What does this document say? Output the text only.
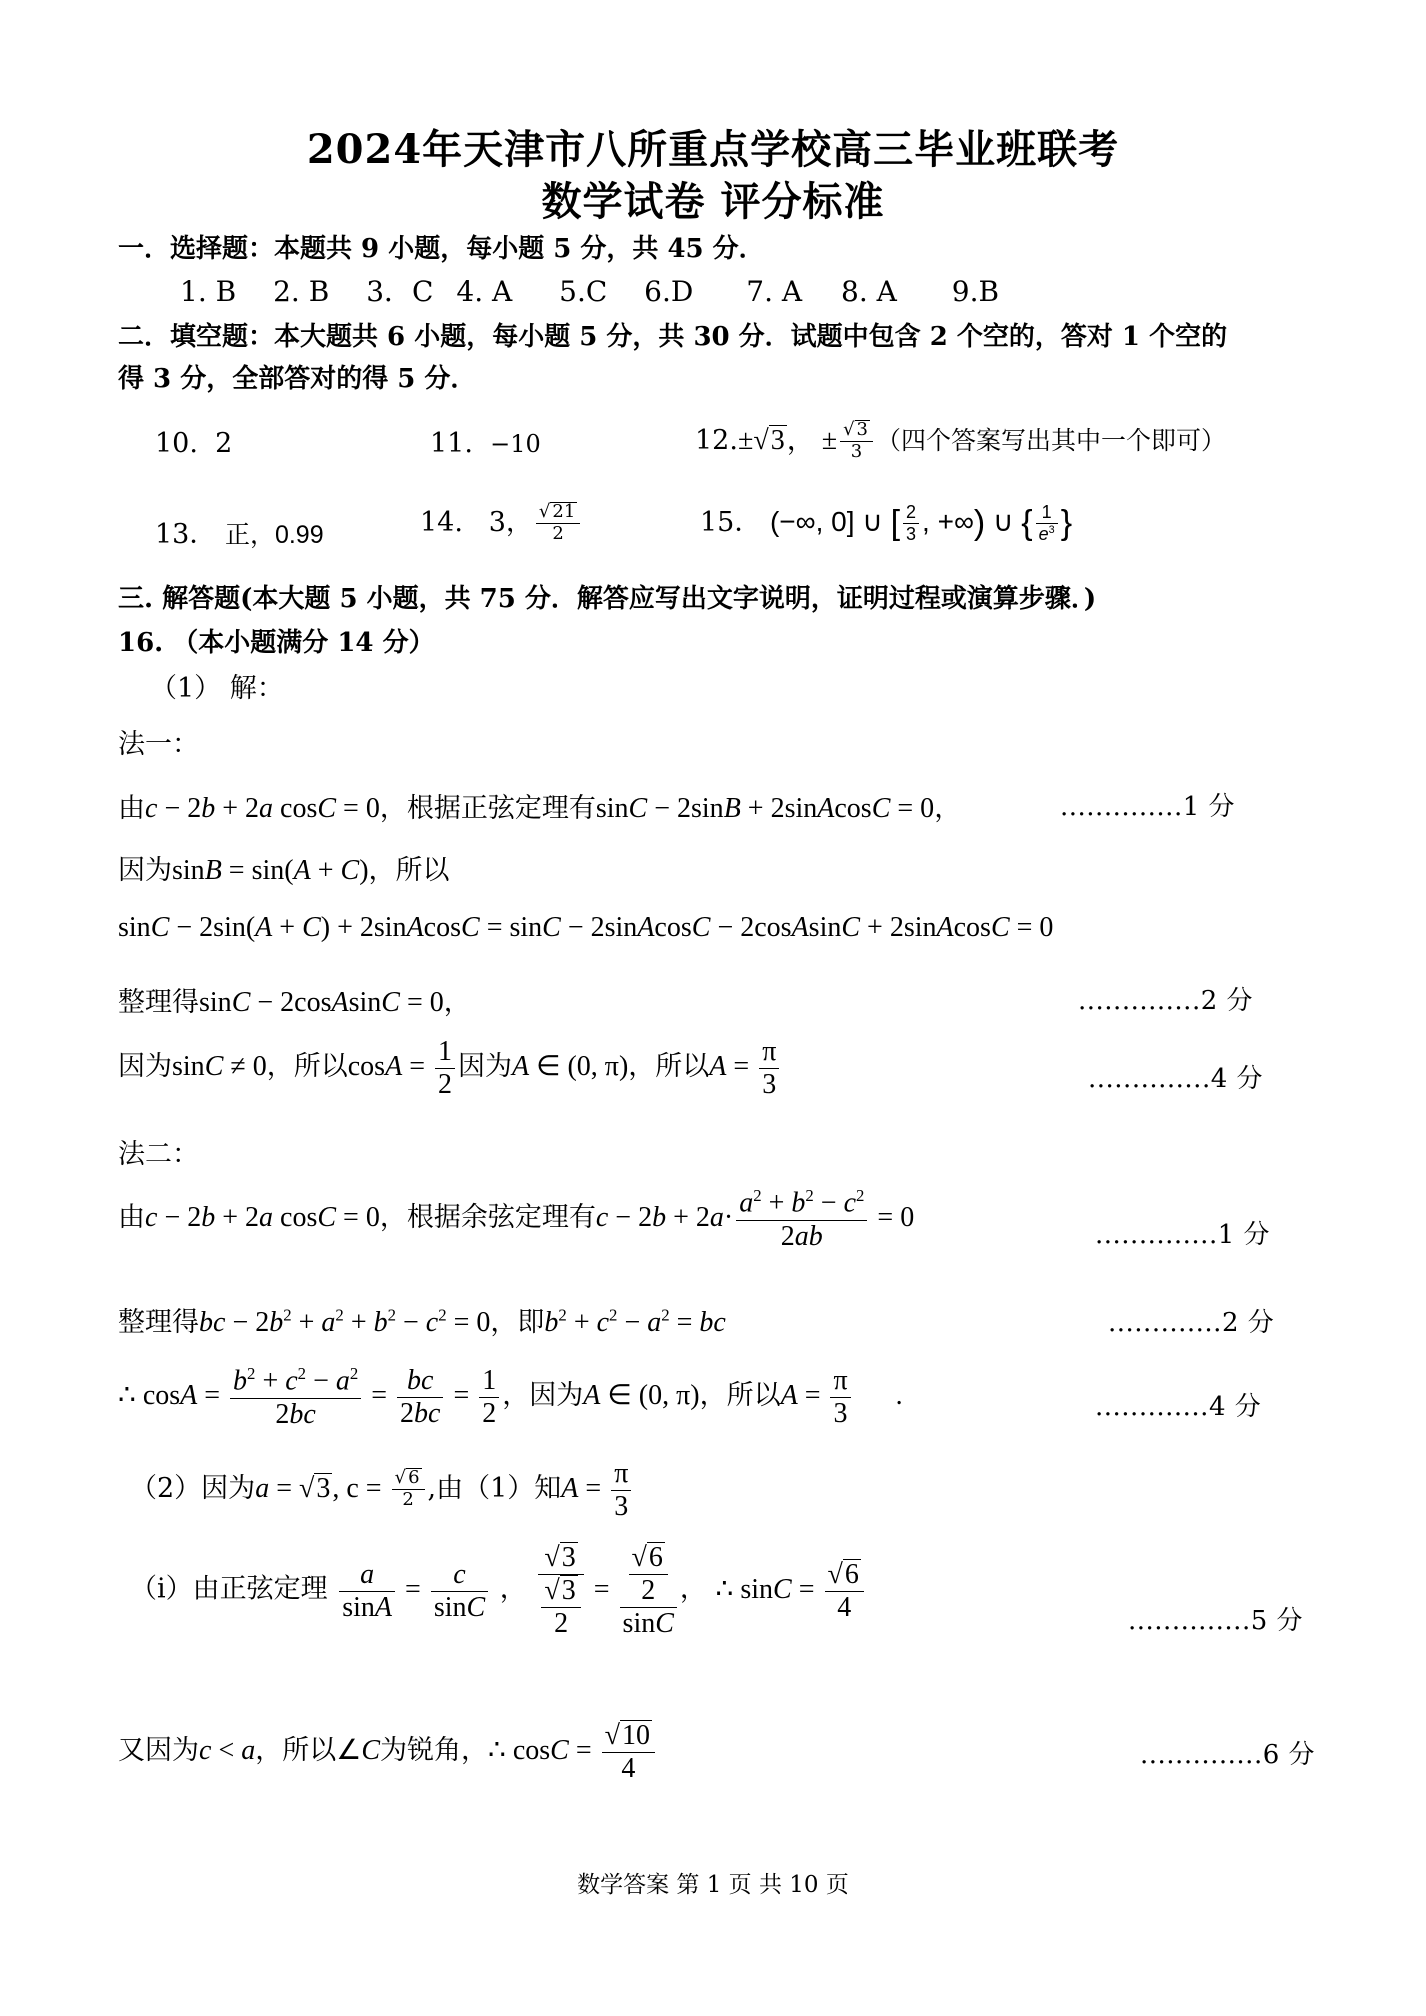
2024年天津市八所重点学校高三毕业班联考
数学试卷 评分标准
一．选择题：本题共 9 小题，每小题 5 分，共 45 分．
1. B 2. B 3．C 4. A 5.C 6.D 7. A 8. A 9.B
二．填空题：本大题共 6 小题，每小题 5 分，共 30 分．试题中包含 2 个空的，答对 1 个空的
得 3 分，全部答对的得 5 分．
10. 2	11. −10	12.±√3， ± $\frac{√ 3}{3}$ （四个答案写出其中一个即可）
13． 正，0.99	14. 3， $\frac{√ 21}{2}$	15． (−∞, 0] ∪ [ $\frac{2}{3}$ , +∞) ∪ { $\frac{1}{e^3}$ }
三. 解答题(本大题 5 小题，共 75 分．解答应写出文字说明，证明过程或演算步骤．)
16. （本小题满分 14 分）
（1） 解：
法一：
由c − 2b + 2a cosC = 0，根据正弦定理有sinC − 2sinB + 2sinAcosC = 0，	..............1 分
因为sinB = sin(A + C)，所以
sinC − 2sin(A + C) + 2sinAcosC = sinC − 2sinAcosC − 2cosAsinC + 2sinAcosC = 0
整理得sinC − 2cosAsinC = 0，	..............2 分
因为sinC ≠ 0，所以$\cos A = \frac{1}{2}$ 因为A ∈ (0, π)，所以$A = \frac{\pi}{3}$	..............4 分
法二：
由c − 2b + 2a cosC = 0，根据余弦定理有$c - 2b + 2a\cdot \frac{a^2 + b^2 - c^2}{2ab} = 0$
..............1 分
整理得bc − $2b^2 + a^2 + b^2 - c^2 = 0$，即$b^2 + c^2 - a^2$ = bc	.............2 分
∴ $\cos A = \frac{b^2 + c^2 - a^2}{2bc} = \frac{bc}{2bc} = \frac{1}{2}$ ，因为A ∈ (0, π)，所以$A = \frac{\pi}{3}$ .	.............4 分
（2）因为a = √3, $c = \frac{√ 6}{2}$ ,由（1）知$A = \frac{\pi}{3}$
（ⅰ）由正弦定理 $\frac{a}{\sin A} = \frac{c}{\sin C}$ ， $\frac{√3}{\frac{√3}{2}} = \frac{\frac{√6}{2}}{\sin C}$ ， ∴ $\sin C = \frac{√6}{4}$	..............5 分
又因为c < a，所以∠C为锐角，∴ $\cos C = \frac{√10}{4}$	..............6 分
数学答案 第 1 页 共 10 页
